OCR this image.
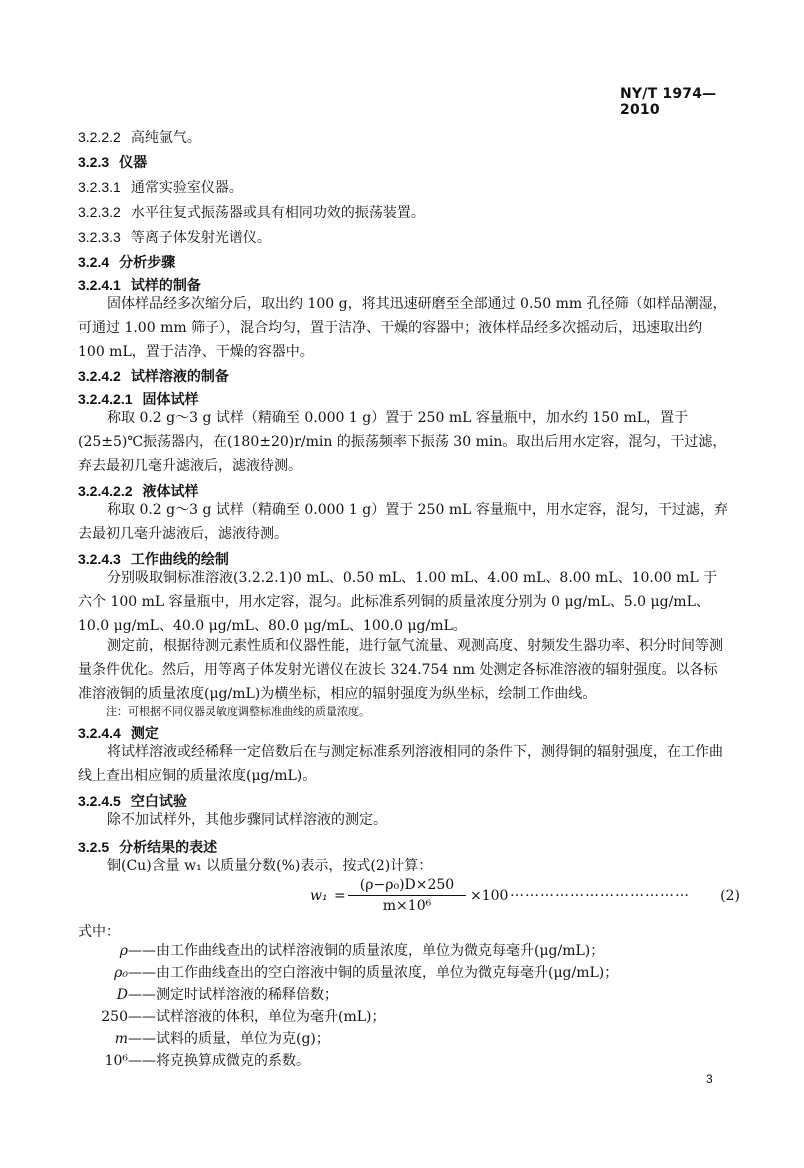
NY/T 1974—2010
3.2.2.2 高纯氩气。
3.2.3 仪器
3.2.3.1 通常实验室仪器。
3.2.3.2 水平往复式振荡器或具有相同功效的振荡装置。
3.2.3.3 等离子体发射光谱仪。
3.2.4 分析步骤
3.2.4.1 试样的制备
固体样品经多次缩分后，取出约 100 g，将其迅速研磨至全部通过 0.50 mm 孔径筛（如样品潮湿，可通过 1.00 mm 筛子），混合均匀，置于洁净、干燥的容器中；液体样品经多次摇动后，迅速取出约 100 mL，置于洁净、干燥的容器中。
3.2.4.2 试样溶液的制备
3.2.4.2.1 固体试样
称取 0.2 g～3 g 试样（精确至 0.000 1 g）置于 250 mL 容量瓶中，加水约 150 mL，置于(25±5)℃振荡器内，在(180±20)r/min 的振荡频率下振荡 30 min。取出后用水定容，混匀，干过滤，弃去最初几毫升滤液后，滤液待测。
3.2.4.2.2 液体试样
称取 0.2 g～3 g 试样（精确至 0.000 1 g）置于 250 mL 容量瓶中，用水定容，混匀，干过滤，弃去最初几毫升滤液后，滤液待测。
3.2.4.3 工作曲线的绘制
分别吸取铜标准溶液(3.2.2.1)0 mL、0.50 mL、1.00 mL、4.00 mL、8.00 mL、10.00 mL 于六个 100 mL 容量瓶中，用水定容，混匀。此标准系列铜的质量浓度分别为 0 μg/mL、5.0 μg/mL、10.0 μg/mL、40.0 μg/mL、80.0 μg/mL、100.0 μg/mL。
测定前，根据待测元素性质和仪器性能，进行氩气流量、观测高度、射频发生器功率、积分时间等测量条件优化。然后，用等离子体发射光谱仪在波长 324.754 nm 处测定各标准溶液的辐射强度。以各标准溶液铜的质量浓度(μg/mL)为横坐标，相应的辐射强度为纵坐标，绘制工作曲线。
注：可根据不同仪器灵敏度调整标准曲线的质量浓度。
3.2.4.4 测定
将试样溶液或经稀释一定倍数后在与测定标准系列溶液相同的条件下，测得铜的辐射强度，在工作曲线上查出相应铜的质量浓度(μg/mL)。
3.2.4.5 空白试验
除不加试样外，其他步骤同试样溶液的测定。
3.2.5 分析结果的表述
铜(Cu)含量 w₁ 以质量分数(%)表示，按式(2)计算：
w₁ =
(ρ−ρ₀)D×250
m×10⁶
×100 ……………………………… (2)
式中：
ρ——由工作曲线查出的试样溶液铜的质量浓度，单位为微克每毫升(μg/mL)；
ρ₀——由工作曲线查出的空白溶液中铜的质量浓度，单位为微克每毫升(μg/mL)；
D——测定时试样溶液的稀释倍数；
250——试样溶液的体积，单位为毫升(mL)；
m——试料的质量，单位为克(g)；
10⁶——将克换算成微克的系数。
3
